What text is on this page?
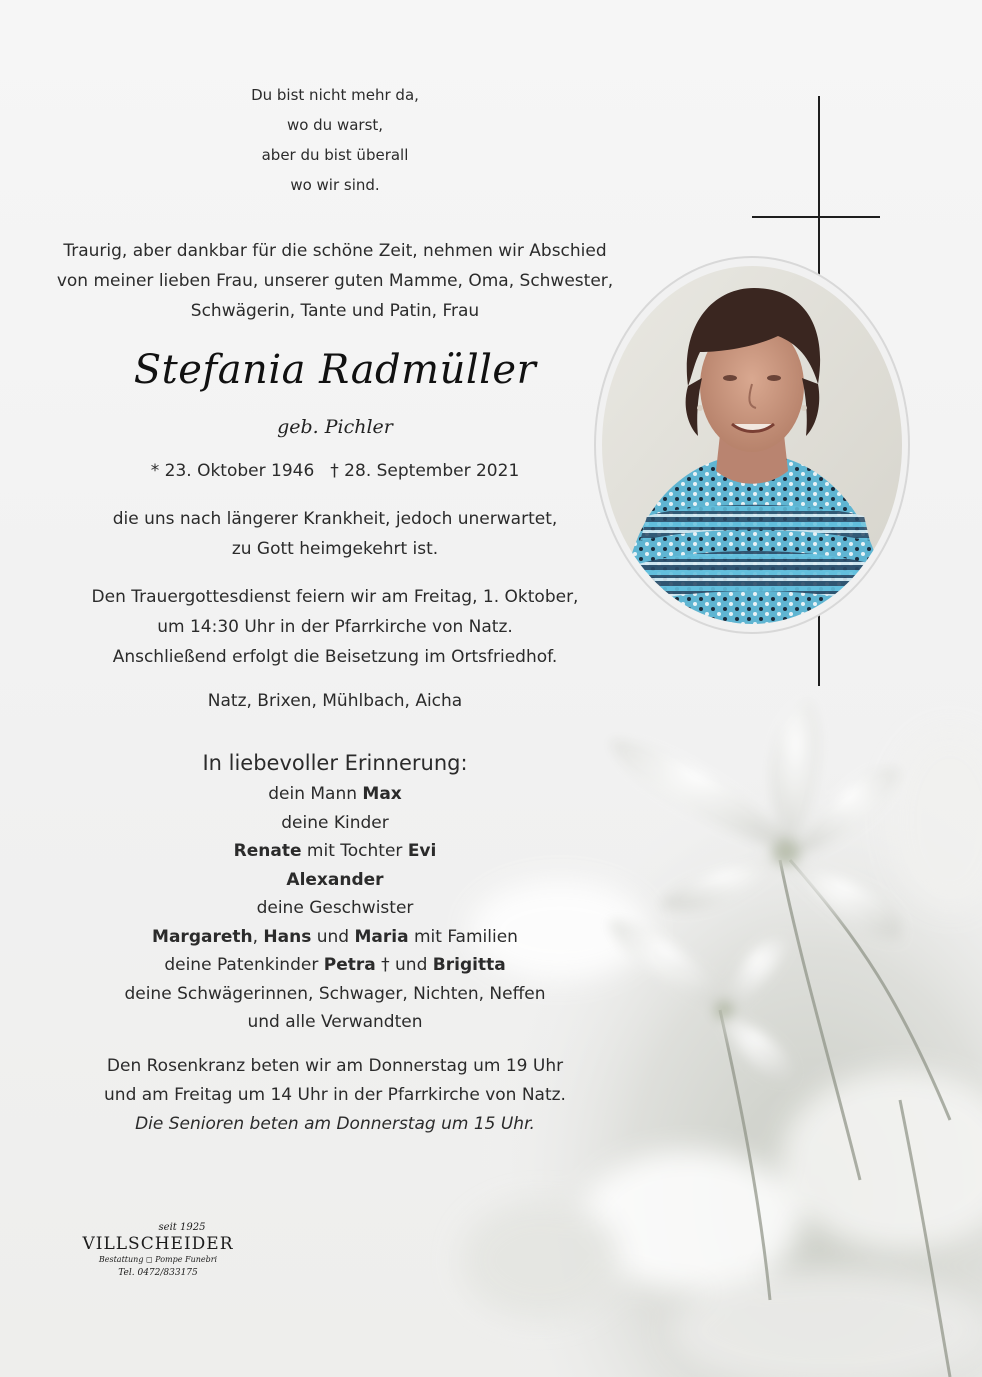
Du bist nicht mehr da,
wo du warst,
aber du bist überall
wo wir sind.
Traurig, aber dankbar für die schöne Zeit, nehmen wir Abschied
von meiner lieben Frau, unserer guten Mamme, Oma, Schwester,
Schwägerin, Tante und Patin, Frau
Stefania Radmüller
geb. Pichler
* 23. Oktober 1946 † 28. September 2021
die uns nach längerer Krankheit, jedoch unerwartet,
zu Gott heimgekehrt ist.
Den Trauergottesdienst feiern wir am Freitag, 1. Oktober,
um 14:30 Uhr in der Pfarrkirche von Natz.
Anschließend erfolgt die Beisetzung im Ortsfriedhof.
Natz, Brixen, Mühlbach, Aicha
In liebevoller Erinnerung:
dein Mann Max
deine Kinder
Renate mit Tochter Evi
Alexander
deine Geschwister
Margareth, Hans und Maria mit Familien
deine Patenkinder Petra † und Brigitta
deine Schwägerinnen, Schwager, Nichten, Neffen
und alle Verwandten
Den Rosenkranz beten wir am Donnerstag um 19 Uhr
und am Freitag um 14 Uhr in der Pfarrkirche von Natz.
Die Senioren beten am Donnerstag um 15 Uhr.
seit 1925
VILLSCHEIDER
Bestattung ◻ Pompe Funebri
Tel. 0472/833175
